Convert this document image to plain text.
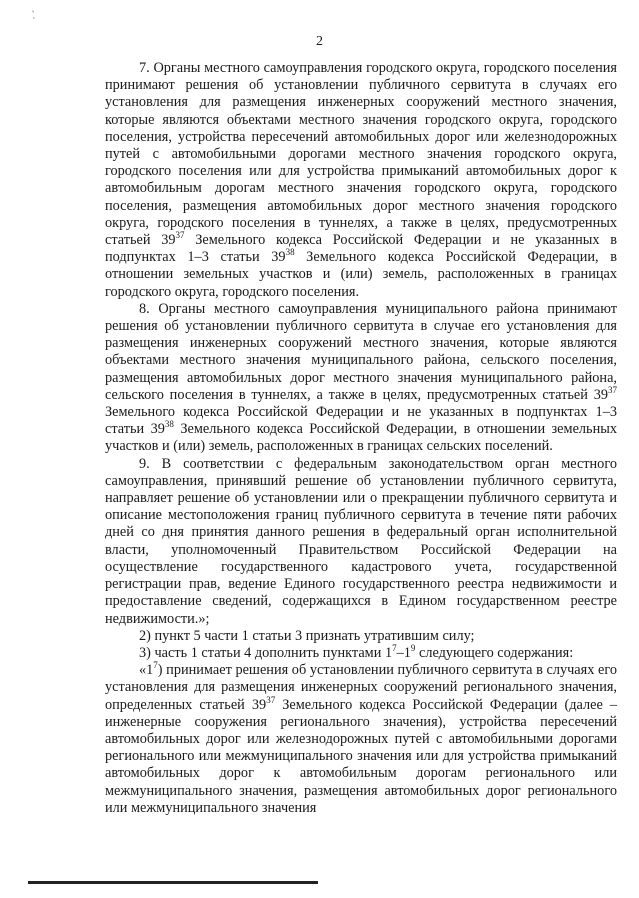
`.
2

7. Органы местного самоуправления городского округа, городского поселения принимают решения об установлении публичного сервитута в случаях его установления для размещения инженерных сооружений местного значения, которые являются объектами местного значения городского округа, городского поселения, устройства пересечений автомобильных дорог или железнодорожных путей с автомобильными дорогами местного значения городского округа, городского поселения или для устройства примыканий автомобильных дорог к автомобильным дорогам местного значения городского округа, городского поселения, размещения автомобильных дорог местного значения городского округа, городского поселения в туннелях, а также в целях, предусмотренных статьей $39^{37}$ Земельного кодекса Российской Федерации и не указанных в подпунктах 1–3 статьи $39^{38}$ Земельного кодекса Российской Федерации, в отношении земельных участков и (или) земель, расположенных в границах городского округа, городского поселения.

8. Органы местного самоуправления муниципального района принимают решения об установлении публичного сервитута в случае его установления для размещения инженерных сооружений местного значения, которые являются объектами местного значения муниципального района, сельского поселения, размещения автомобильных дорог местного значения муниципального района, сельского поселения в туннелях, а также в целях, предусмотренных статьей $39^{37}$ Земельного кодекса Российской Федерации и не указанных в подпунктах 1–3 статьи $39^{38}$ Земельного кодекса Российской Федерации, в отношении земельных участков и (или) земель, расположенных в границах сельских поселений.

9. В соответствии с федеральным законодательством орган местного самоуправления, принявший решение об установлении публичного сервитута, направляет решение об установлении или о прекращении публичного сервитута и описание местоположения границ публичного сервитута в течение пяти рабочих дней со дня принятия данного решения в федеральный орган исполнительной власти, уполномоченный Правительством Российской Федерации на осуществление государственного кадастрового учета, государственной регистрации прав, ведение Единого государственного реестра недвижимости и предоставление сведений, содержащихся в Едином государственном реестре недвижимости.»;

2) пункт 5 части 1 статьи 3 признать утратившим силу;

3) часть 1 статьи 4 дополнить пунктами $1^7-1^9$ следующего содержания:

«$1^7$) принимает решения об установлении публичного сервитута в случаях его установления для размещения инженерных сооружений регионального значения, определенных статьей $39^{37}$ Земельного кодекса Российской Федерации (далее – инженерные сооружения регионального значения), устройства пересечений автомобильных дорог или железнодорожных путей с автомобильными дорогами регионального или межмуниципального значения или для устройства примыканий автомобильных дорог к автомобильным дорогам регионального или межмуниципального значения, размещения автомобильных дорог регионального или межмуниципального значения
